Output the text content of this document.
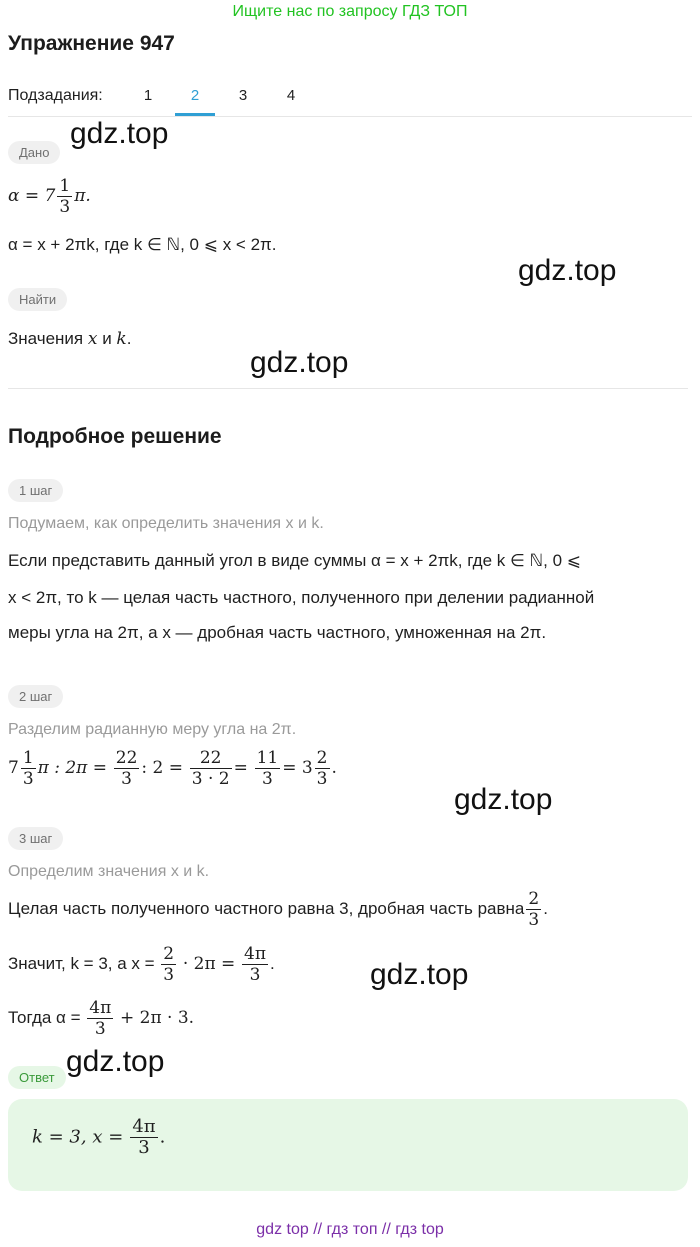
Ищите нас по запросу ГДЗ ТОП
Упражнение 947
Подзадания:	1	2	3	4
Дано
$\alpha = 7 \frac{1}{3} \pi$.
α = x + 2πk, где k ∈ ℕ, 0 ⩽ x < 2π.
Найти
Значения x и k.
Подробное решение
1 шаг
Подумаем, как определить значения x и k.
Если представить данный угол в виде суммы α = x + 2πk, где k ∈ ℕ, 0 ⩽
x < 2π, то k — целая часть частного, полученного при делении радианной
меры угла на 2π, а x — дробная часть частного, умноженная на 2π.
2 шаг
Разделим радианную меру угла на 2π.
$7 \frac{1}{3}$ π : $2\pi = \frac{22}{3}$ : $2 = \frac{22}{3 \cdot 2} = \frac{11}{3} = 3 \frac{2}{3}$ .
3 шаг
Определим значения x и k.
Целая часть полученного частного равна 3, дробная часть равна $\frac{2}{3}$ .
Значит, k = 3, а $x = \frac{2}{3} \cdot 2\pi = \frac{4\pi}{3}$ .
Тогда $\alpha = \frac{4\pi}{3} + 2\pi \cdot 3$.
Ответ
k = 3, $x = \frac{4\pi}{3}$ .
gdz.top
gdz.top
gdz.top
gdz.top
gdz.top
gdz.top
gdz top // гдз топ // гдз top
